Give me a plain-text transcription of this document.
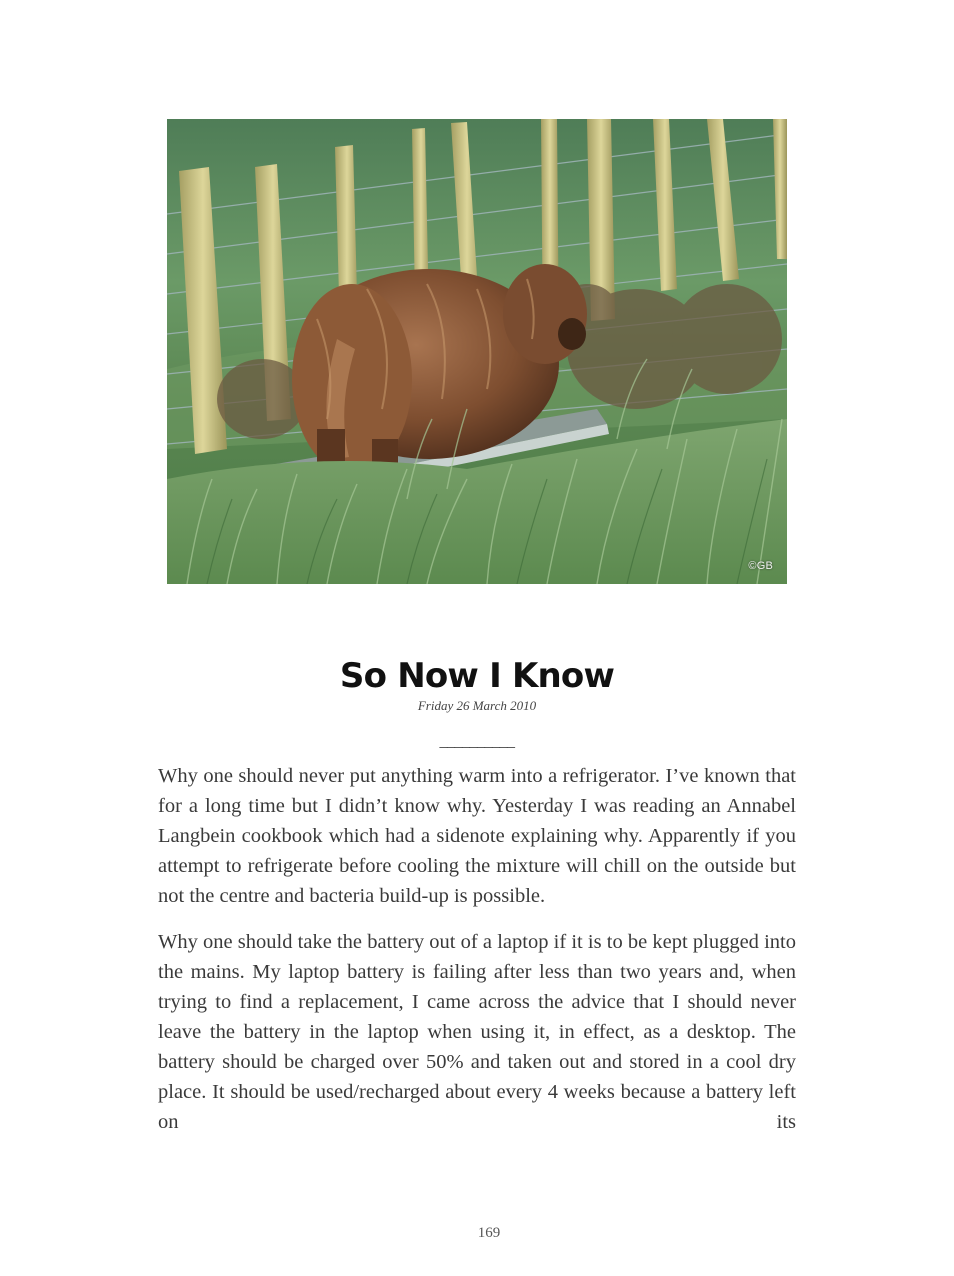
©GB
So Now I Know
Friday 26 March 2010
__________

Why one should never put anything warm into a refrigerator. I’ve known that for a long time but I didn’t know why. Yesterday I was reading an Annabel Langbein cookbook which had a sidenote explaining why. Apparently if you attempt to refrigerate before cooling the mixture will chill on the outside but not the centre and bacteria build-up is possible.

Why one should take the battery out of a laptop if it is to be kept plugged into the mains. My laptop battery is failing after less than two years and, when trying to find a replacement, I came across the advice that I should never leave the battery in the laptop when using it, in effect, as a desktop. The battery should be charged over 50% and taken out and stored in a cool dry place. It should be used/recharged about every 4 weeks because a battery left on its

169
